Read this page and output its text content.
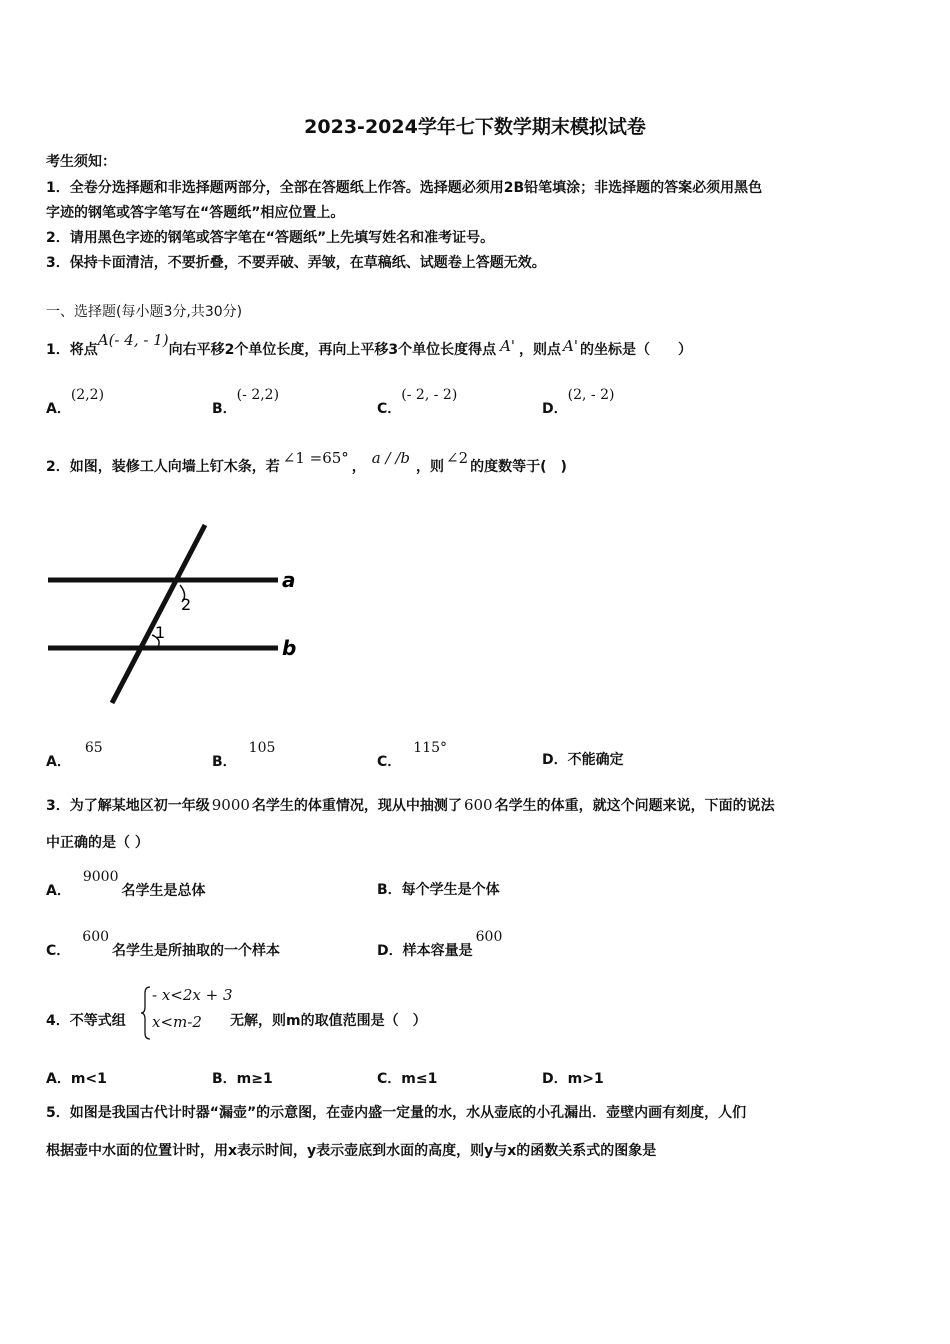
2023-2024学年七下数学期末模拟试卷
考生须知：
1．全卷分选择题和非选择题两部分，全部在答题纸上作答。选择题必须用2B铅笔填涂；非选择题的答案必须用黑色
字迹的钢笔或答字笔写在“答题纸”相应位置上。
2．请用黑色字迹的钢笔或答字笔在“答题纸”上先填写姓名和准考证号。
3．保持卡面清洁，不要折叠，不要弄破、弄皱，在草稿纸、试题卷上答题无效。
一、选择题(每小题3分,共30分)
1．将点A(- 4, - 1)向右平移2个单位长度，再向上平移3个单位长度得点 A' ，则点 A' 的坐标是（　　）
A．(2,2)
B．(- 2,2)
C．(- 2, - 2)
D．(2, - 2)
2．如图，装修工人向墙上钉木条，若 ∠1 =65° ， a / /b ，则 ∠2 的度数等于(　)
a
b
2
1
A．65
B．105
C．115°
D．不能确定
3．为了解某地区初一年级 9000 名学生的体重情况，现从中抽测了 600 名学生的体重，就这个问题来说，下面的说法
中正确的是（ ）
A．9000名学生是总体	B．每个学生是个体
C．600名学生是所抽取的一个样本	D．样本容量是600
4．不等式组
- x<2x + 3
x<m-2 无解，则m的取值范围是（　）
A．m<1	B．m≥1	C．m≤1	D．m>1
5．如图是我国古代计时器“漏壶”的示意图，在壶内盛一定量的水，水从壶底的小孔漏出．壶壁内画有刻度，人们
根据壶中水面的位置计时，用x表示时间，y表示壶底到水面的高度，则y与x的函数关系式的图象是
